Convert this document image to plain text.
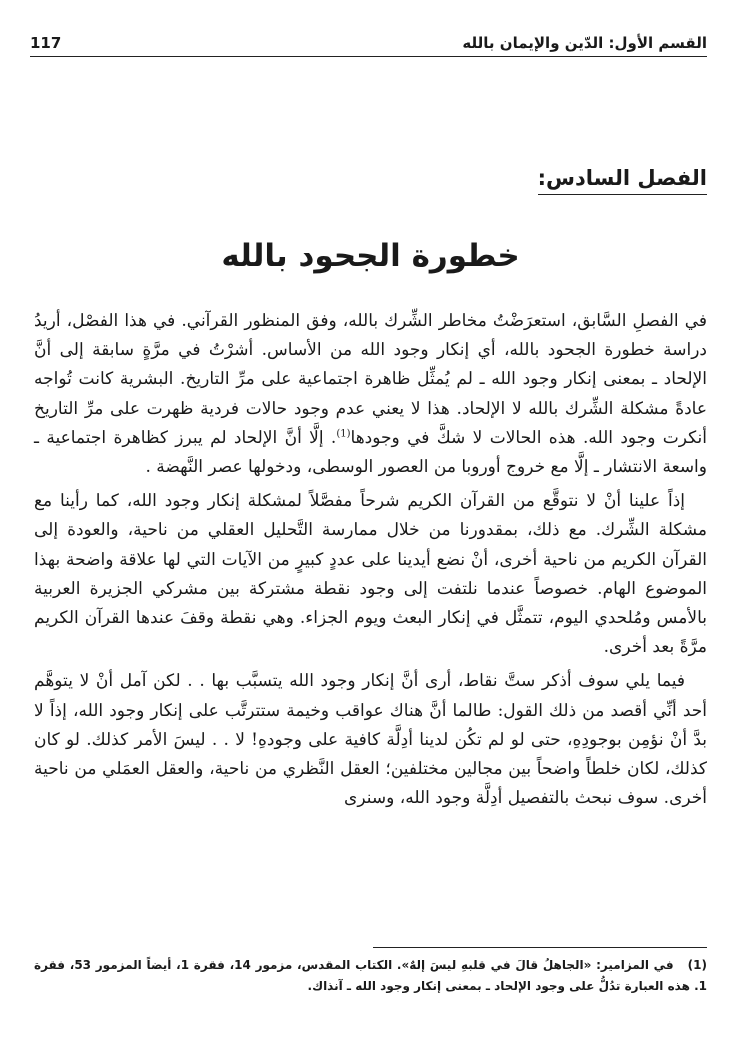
القسم الأول: الدّين والإيمان بالله
117
الفصل السادس:
خطورة الجحود بالله

في الفصلِ السَّابق، استعرَضْتُ مخاطر الشِّرك بالله، وفق المنظور القرآني. في هذا الفصْل، أريدُ دراسة خطورة الجحود بالله، أي إنكار وجود الله من الأساس. أشرْتُ في مرَّةٍ سابقة إلى أنَّ الإلحاد ـ بمعنى إنكار وجود الله ـ لم يُمثِّل ظاهرة اجتماعية على مرِّ التاريخ. البشرية كانت تُواجه عادةً مشكلة الشِّرك بالله لا الإلحاد. هذا لا يعني عدم وجود حالات فردية ظهرت على مرِّ التاريخ أنكرت وجود الله. هذه الحالات لا شكَّ في وجودها$^{(1)}$. إلَّا أنَّ الإلحاد لم يبرز كظاهرة اجتماعية ـ واسعة الانتشار ـ إلَّا مع خروج أوروبا من العصور الوسطى، ودخولها عصر النَّهضة .

إذاً علينا أنْ لا نتوقَّع من القرآن الكريم شرحاً مفصَّلاً لمشكلة إنكار وجود الله، كما رأينا مع مشكلة الشِّرك. مع ذلك، بمقدورنا من خلال ممارسة التَّحليل العقلي من ناحية، والعودة إلى القرآن الكريم من ناحية أخرى، أنْ نضع أيدينا على عددٍ كبيرٍ من الآيات التي لها علاقة واضحة بهذا الموضوع الهام. خصوصاً عندما نلتفت إلى وجود نقطة مشتركة بين مشركي الجزيرة العربية بالأمس ومُلحدي اليوم، تتمثَّل في إنكار البعث ويوم الجزاء. وهي نقطة وقفَ عندها القرآن الكريم مرَّةً بعد أخرى.

فيما يلي سوف أذكر ستَّ نقاط، أرى أنَّ إنكار وجود الله يتسبَّب بها . . لكن آمل أنْ لا يتوهَّم أحد أنِّي أقصد من ذلك القول: طالما أنَّ هناك عواقب وخيمة ستترتَّب على إنكار وجود الله، إذاً لا بدَّ أنْ نؤمِن بوجودِهِ، حتى لو لم تكُن لدينا أدِلَّة كافية على وجودهِ! لا . . ليسَ الأمر كذلك. لو كان كذلك، لكان خلطاً واضحاً بين مجالين مختلفين؛ العقل النَّظري من ناحية، والعقل العمَلي من ناحية أخرى. سوف نبحث بالتفصيل أدِلَّة وجود الله، وسنرى

(1)في المزامير: «الجاهلُ قالَ في قلبهِ ليسَ إلهٌ». الكتاب المقدس، مزمور 14، فقرة 1، أيضاً المزمور 53، فقرة 1. هذه العبارة تدُلُّ على وجود الإلحاد ـ بمعنى إنكار وجود الله ـ آنذاك.
